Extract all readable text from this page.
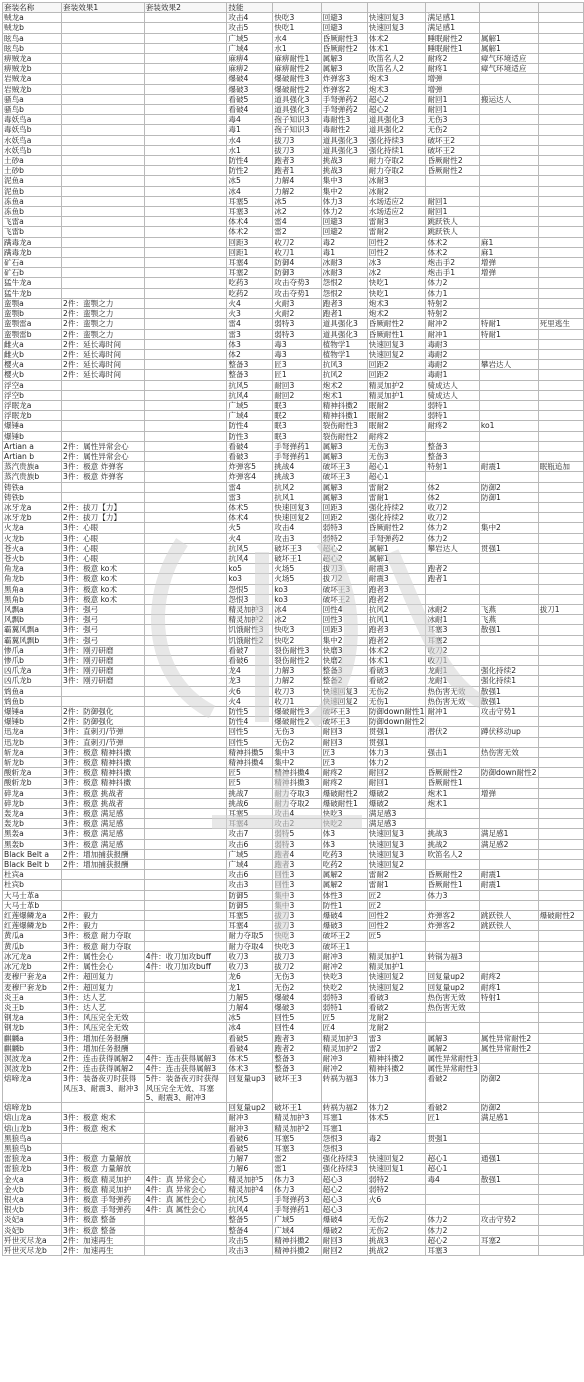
套装名称	套装效果1	套装效果2	技能						
贼龙a			攻击4	快吃3	回避3	快速回复3	满足感1		
贼龙b			攻击5	快吃1	回避3	快速回复3	满足感1		
眩鸟a			广域5	水4	昏厥耐性3	体术2	睡眠耐性2	属解1	
眩鸟b			广域4	水1	昏厥耐性2	体术1	睡眠耐性1	属解1	
痹贼龙a			麻痹4	麻痹耐性1	属解3	吹笛名人2	耐疼2	瘴气环境适应	
痹贼龙b			麻痹2	麻痹耐性2	属解3	吹笛名人2	耐疼1	瘴气环境适应	
岩贼龙a			爆破4	爆破耐性3	炸弹客3	炮术3	增弹		
岩贼龙b			爆破3	爆破耐性2	炸弹客2	炮术3	增弹		
骚鸟a			看破5	道具强化3	手弩弹药2	超心2	耐回1	搬运达人	
骚鸟b			看破4	道具强化3	手弩弹药2	超心2	耐回1		
毒妖鸟a			毒4	孢子知识3	毒耐性3	道具强化3	无伤3		
毒妖鸟b			毒1	孢子知识3	毒耐性2	道具强化2	无伤2		
水妖鸟a			水4	拔刀3	道具强化3	强化持续3	破坏王2		
水妖鸟b			水1	拔刀3	道具强化3	强化持续1	破坏王2		
土砂a			防性4	跑者3	挑战3	耐力夺取2	昏厥耐性2		
土砂b			防性2	跑者1	挑战3	耐力夺取2	昏厥耐性2		
泥鱼a			冰5	力解4	集中3	冰耐3			
泥鱼b			冰4	力解2	集中2	冰耐2			
冻鱼a			耳塞5	冰5	体力3	水场适应2	耐回1		
冻鱼b			耳塞3	冰2	体力2	水场适应2	耐回1		
飞雷a			体术4	雷4	回避3	雷耐3	跳跃铁人		
飞雷b			体术2	雷2	回避2	雷耐2	跳跃铁人		
蹒毒龙a			回距3	收刀2	毒2	回性2	体术2	麻1	
蹒毒龙b			回距1	收刀1	毒1	回性2	体术2	麻1	
矿石a			耳塞4	防御4	冰耐3	冰3	炮击手2	增弹	
矿石b			耳塞2	防御3	冰耐3	冰2	炮击手1	增弹	
猛牛龙a			吃药3	攻击夺势3	怨恨2	快吃1	体力2		
猛牛龙b			吃药2	攻击夺势1	怨恨2	快吃1	体力1		
蛮颚a	2件：蛮颚之力		火4	火耐3	跑者3	炮术3	特射2		
蛮颚b	2件：蛮颚之力		火3	火耐2	跑者1	炮术2	特射2		
蛮颚雷a	2件：蛮颚之力		雷4	弱特3	道具强化3	昏厥耐性2	耐冲2	特耐1	死里逃生
蛮颚雷b	2件：蛮颚之力		雷3	弱特3	道具强化3	昏厥耐性1	耐冲1	特耐1	
雌火a	2件：延长毒时间		体3	毒3	植物学1	快速回复3	毒耐3		
雌火b	2件：延长毒时间		体2	毒3	植物学1	快速回复2	毒耐2		
樱火a	2件：延长毒时间		整备3	匠3	抗风3	回距2	毒耐2	攀岩达人	
樱火b	2件：延长毒时间		整备3	匠1	抗风2	回距2	毒耐1		
浮空a			抗风5	耐回3	炮术2	精灵加护2	骑成达人		
浮空b			抗风4	耐回2	炮术1	精灵加护1	骑成达人		
浮眠龙a			广域5	眠3	精神抖擞2	眠耐2	弱特1		
浮眠龙b			广域4	眠2	精神抖擞1	眠耐2	弱特1		
爆锤a			防性4	眠3	裂伤耐性3	眠耐2	耐疼2	ko1	
爆锤b			防性3	眠3	裂伤耐性2	耐疼2			
Artian a	2件：属性异常会心		看破4	手弩弹药1	属解3	无伤3	整备3		
Artian b	2件：属性异常会心		看破3	手弩弹药1	属解3	无伤3	整备3		
蒸汽贵族a	3件：极意 炸弹客		炸弹客5	挑战4	破坏王3	超心1	特射1	耐震1	眠瓶追加
蒸汽贵族b	3件：极意 炸弹客		炸弹客4	挑战3	破坏王3	超心1			
铸铁a			雷4	抗风2	属解3	雷耐2	体2	防御2	
铸铁b			雷3	抗风1	属解3	雷耐1	体2	防御1	
冰牙龙a	2件：拔刀【力】		体术5	快速回复3	回距3	强化持续2	收刀2		
冰牙龙b	2件：拔刀【力】		体术4	快速回复2	回距2	强化持续2	收刀2		
火龙a	3件：心眼		火5	攻击4	弱特3	昏厥耐性2	体力2	集中2	
火龙b	3件：心眼		火4	攻击3	弱特2	手弩弹药2	体力2		
苍火a	3件：心眼		抗风5	破坏王3	超心2	属解1	攀岩达人	贯强1	
苍火b	3件：心眼		抗风4	破坏王1	超心2	属解1			
角龙a	3件：极意 ko术		ko5	火场5	拔刀3	耐震3	跑者2		
角龙b	3件：极意 ko术		ko3	火场5	拔刀2	耐震3	跑者1		
黑角a	3件：极意 ko术		怨恨5	ko3	破坏王3	跑者3			
黑角b	3件：极意 ko术		怨恨3	ko3	破坏王2	跑者2			
风飘a	3件：强弓		精灵加护3	冰4	回性4	抗风2	冰耐2	飞燕	拔刀1
风飘b	3件：强弓		精灵加护2	冰2	回性3	抗风1	冰耐1	飞燕	
霸翼风飘a	3件：强弓		饥饿耐性3	快吃3	回距3	跑者3	耳塞3	散强1	
霸翼风飘b	3件：强弓		饥饿耐性2	快吃2	集中2	跑者2	耳塞2		
惨爪a	3件：刚刃研磨		看破7	裂伤耐性3	快磨3	体术2	收刀2		
惨爪b	3件：刚刃研磨		看破6	裂伤耐性2	快磨2	体术1	收刀1		
凶爪龙a	3件：刚刃研磨		龙4	力解3	整备3	看破3	龙耐1	强化持续2	
凶爪龙b	3件：刚刃研磨		龙3	力解2	整备2	看破2	龙耐1	强化持续1	
鸩鱼a			火6	收刀3	快速回复3	无伤2	热伤害无效	散强1	
鸩鱼b			火4	收刀1	快速回复2	无伤1	热伤害无效	散强1	
爆锤a	2件：防御强化		防性5	爆破耐性3	破坏王3	防御down耐性1	耐冲1	攻击守势1	
爆锤b	2件：防御强化		防性4	爆破耐性2	破坏王3	防御down耐性2			
迅龙a	3件：直刺刃/节弹		回性5	无伤3	耐回3	贯强1	潜伏2	蹲伏移动up	
迅龙b	3件：直刺刃/节弹		回性5	无伤2	耐回3	贯强1			
斩龙a	3件：极意 精神抖擞		精神抖擞5	集中3	匠3	体力3	强击1	热伤害无效	
斩龙b	3件：极意 精神抖擞		精神抖擞4	集中2	匠3	体力2			
酸斩龙a	3件：极意 精神抖擞		匠5	精神抖擞4	耐疼2	耐回2	昏厥耐性2	防御down耐性2	
酸斩龙b	3件：极意 精神抖擞		匠5	精神抖擞3	耐疼2	耐回1	昏厥耐性1		
碎龙a	3件：极意 挑战者		挑战7	耐力夺取3	爆破耐性2	爆破2	炮术1	增弹	
碎龙b	3件：极意 挑战者		挑战6	耐力夺取2	爆破耐性1	爆破2	炮术1		
轰龙a	3件：极意 满足感		耳塞5	攻击4	快吃3	满足感3			
轰龙b	3件：极意 满足感		耳塞4	攻击2	快吃2	满足感3			
黑轰a	3件：极意 满足感		攻击7	弱特5	体3	快速回复3	挑战3	满足感1	
黑轰b	3件：极意 满足感		攻击6	弱特3	体3	快速回复3	挑战2	满足感2	
Black Belt a	2件：增加捕获报酬		广域5	跑者4	吃药3	快速回复3	吹笛名人2		
Black Belt b	2件：增加捕获报酬		广域4	跑者3	吃药2	快速回复2			
杜宾a			攻击6	回性3	属解2	雷耐2	昏厥耐性2	耐震1	
杜宾b			攻击3	回性3	属解2	雷耐1	昏厥耐性1	耐震1	
大马士革a			防御5	集中3	体性3	匠2	体力3		
大马士革b			防御5	集中3	防性1	匠2			
红莲爆鳞龙a	2件：毅力		耳塞5	拔刀3	爆破4	回性2	炸弹客2	跳跃铁人	爆破耐性2
红莲爆鳞龙b	2件：毅力		耳塞4	拔刀3	爆破3	回性2	炸弹客2	跳跃铁人	
黄瓜a	3件：极意 耐力夺取		耐力夺取5	快吃3	破坏王2	匠5			
黄瓜b	3件：极意 耐力夺取		耐力夺取4	快吃3	破坏王1				
冰冗龙a	2件：属性会心	4件：收刀加攻buff	收刀3	拔刀3	耐冲3	精灵加护1	转锅为福3		
冰冗龙b	2件：属性会心	4件：收刀加攻buff	收刀3	拔刀2	耐冲2	精灵加护1			
麦穆尸套龙a	2件：超回复力		龙6	无伤3	快吃3	快速回复2	回复量up2	耐疼2	
麦穆尸套龙b	2件：超回复力		龙1	无伤2	快吃2	快速回复2	回复量up2	耐疼1	
炎王a	3件：达人艺		力解5	爆破4	弱特3	看破3	热伤害无效	特射1	
炎王b	3件：达人艺		力解4	爆破3	弱特1	看破2	热伤害无效		
钢龙a	3件：风压完全无效		冰5	回性5	匠5	龙耐2			
钢龙b	3件：风压完全无效		冰4	回性4	匠4	龙耐2			
麒麟a	3件：增加任务报酬		看破5	跑者3	精灵加护3	雷3	属解3	属性异常耐性2	
麒麟b	3件：增加任务报酬		看破4	跑者2	精灵加护2	雷2	属解2	属性异常耐性2	
溟波龙a	2件：连击获得属解2	4件：连击获得属解3	体术5	整备3	耐冲3	精神抖擞2	属性异常耐性3		
溟波龙b	2件：连击获得属解2	4件：连击获得属解3	体术3	整备3	耐冲2	精神抖擞2	属性异常耐性3		
熔啼龙a	3件：装备夜刃时获得风压3、耐震3、耐冲3	5件：装备夜刃时获得风压完全无效、耳塞5、耐震3、耐冲3	回复量up3	破坏王3	转祸为福3	体力3	看破2	防御2	
熔啼龙b			回复量up2	破坏王1	转祸为福2	体力2	看破2	防御2	
熔山龙a	3件：极意 炮术		耐冲3	精灵加护3	耳塞1	体术5	匠1	满足感1	
熔山龙b	3件：极意 炮术		耐冲3	精灵加护2	耳塞1				
黑狼鸟a			看破6	耳塞5	怨恨3	毒2	贯强1		
黑狼鸟b			看破5	耳塞3	怨恨3				
雷狼龙a	3件：极意 力量解放		力解7	雷2	强化持续3	快速回复2	超心1	通强1	
雷狼龙b	3件：极意 力量解放		力解6	雷1	强化持续3	快速回复1	超心1		
金火a	3件：极意 精灵加护	4件：真 异常会心	精灵加护5	体力3	超心3	弱特2	毒4	散强1	
金火b	3件：极意 精灵加护	4件：真 异常会心	精灵加护4	体力3	超心2	弱特2			
银火a	3件：极意 手弩弹药	4件：真 属性会心	抗风5	手弩弹药3	超心3	火6			
银火b	3件：极意 手弩弹药	4件：真 属性会心	抗风4	手弩弹药1	超心3				
炎妃a	3件：极意 整备		整备5	广域5	爆破4	无伤2	体力2	攻击守势2	
炎妃b	3件：极意 整备		整备4	广域4	爆破2	无伤2	体力2		
歼世灭尽龙a	2件：加速再生		攻击5	精神抖擞2	耐回3	挑战3	超心2	耳塞2	
歼世灭尽龙b	2件：加速再生		攻击3	精神抖擞2	耐回2	挑战2	耳塞3		
